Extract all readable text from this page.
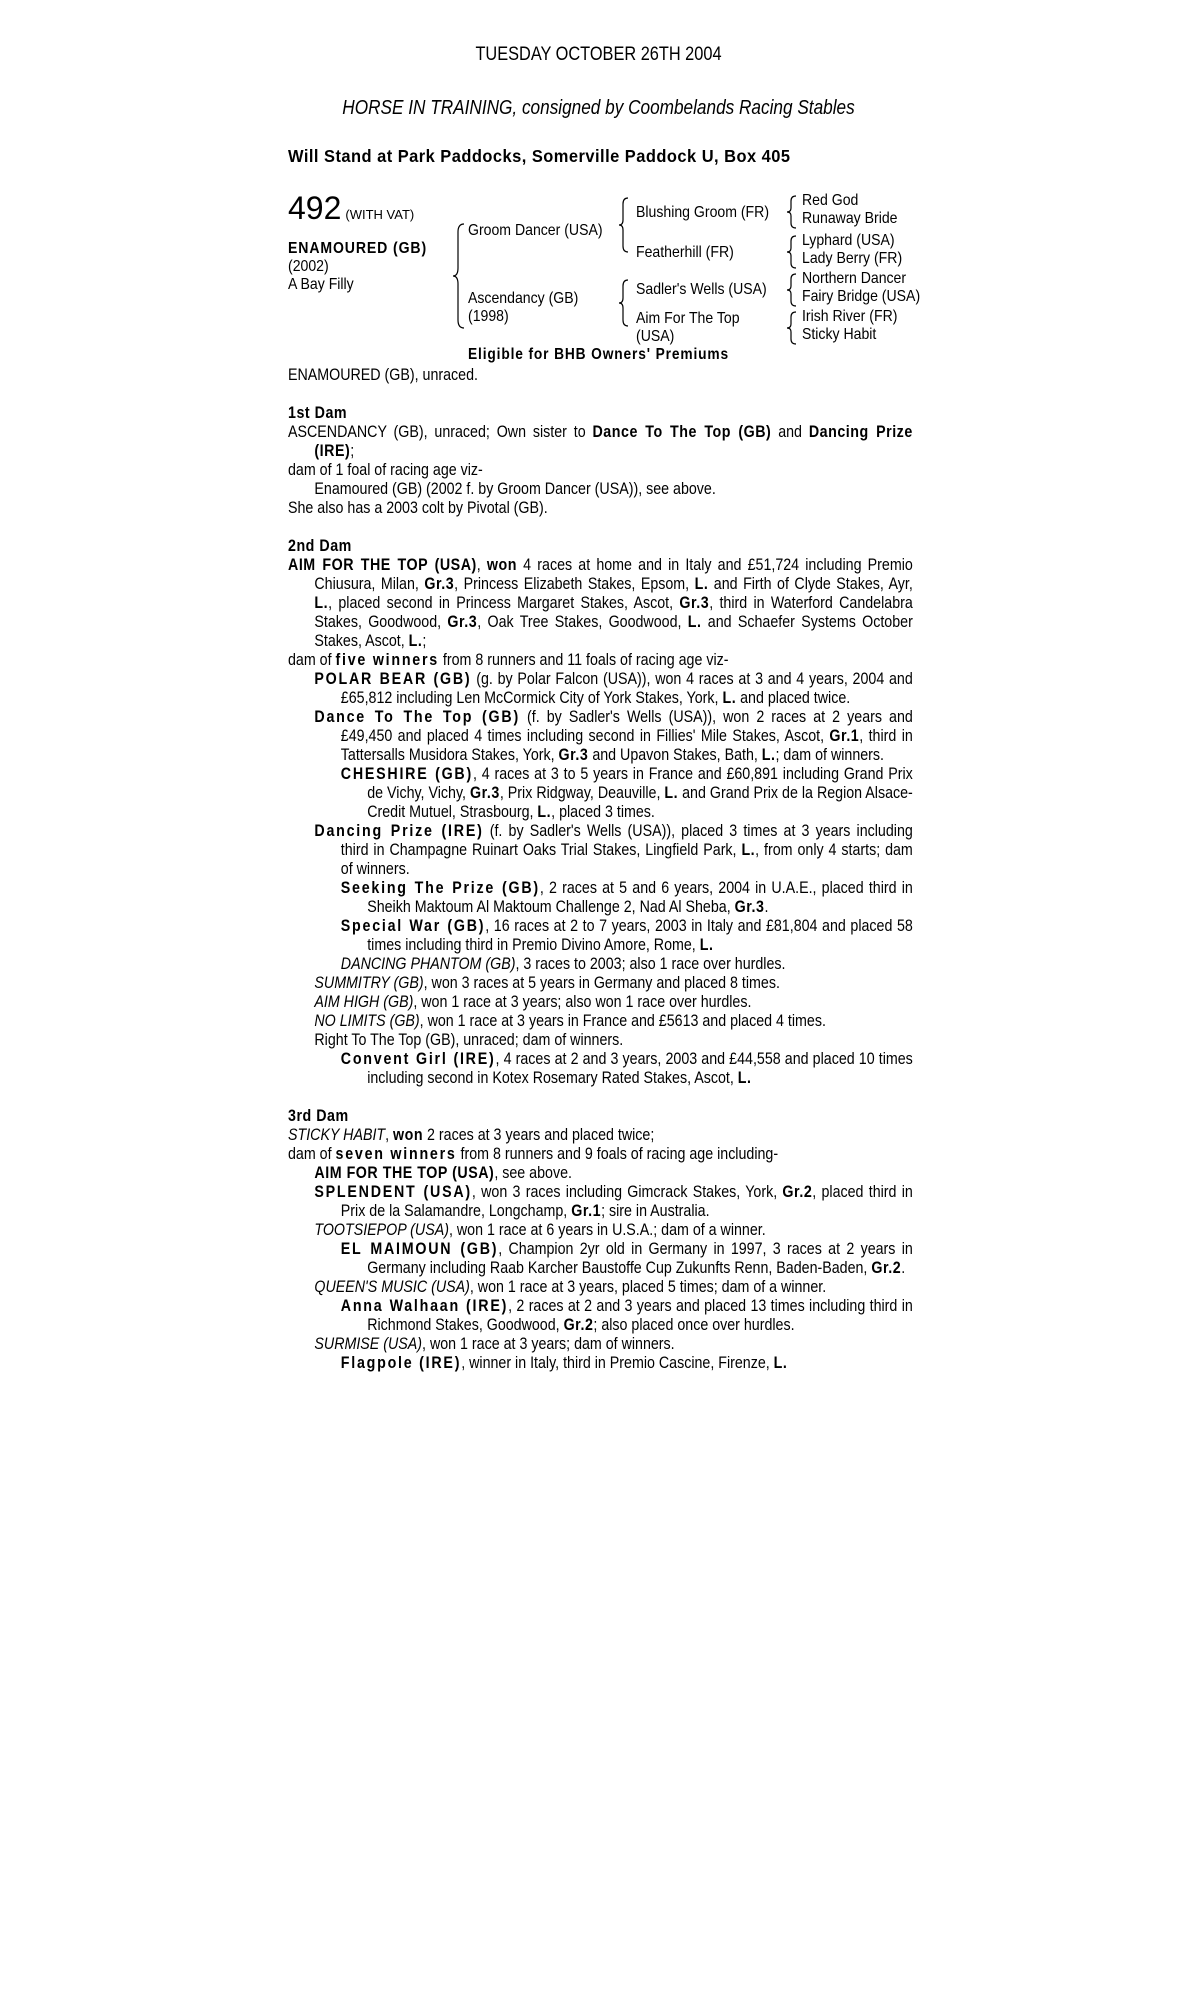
TUESDAY OCTOBER 26TH 2004
HORSE IN TRAINING, consigned by Coombelands Racing Stables
Will Stand at Park Paddocks, Somerville Paddock U, Box 405
492 (WITH VAT)
ENAMOURED (GB)
(2002)
A Bay Filly
Groom Dancer (USA)
Ascendancy (GB)
(1998)
Blushing Groom (FR)
Featherhill (FR)
Sadler's Wells (USA)
Aim For The Top
(USA)
Red God
Runaway Bride
Lyphard (USA)
Lady Berry (FR)
Northern Dancer
Fairy Bridge (USA)
Irish River (FR)
Sticky Habit
Eligible for BHB Owners' Premiums

ENAMOURED (GB), unraced.

1st Dam

ASCENDANCY (GB), unraced; Own sister to Dance To The Top (GB) and Dancing Prize (IRE);

dam of 1 foal of racing age viz-

Enamoured (GB) (2002 f. by Groom Dancer (USA)), see above.

She also has a 2003 colt by Pivotal (GB).

2nd Dam

AIM FOR THE TOP (USA), won 4 races at home and in Italy and £51,724 including Premio Chiusura, Milan, Gr.3, Princess Elizabeth Stakes, Epsom, L. and Firth of Clyde Stakes, Ayr, L., placed second in Princess Margaret Stakes, Ascot, Gr.3, third in Waterford Candelabra Stakes, Goodwood, Gr.3, Oak Tree Stakes, Goodwood, L. and Schaefer Systems October Stakes, Ascot, L.;

dam of five winners from 8 runners and 11 foals of racing age viz-

POLAR BEAR (GB) (g. by Polar Falcon (USA)), won 4 races at 3 and 4 years, 2004 and £65,812 including Len McCormick City of York Stakes, York, L. and placed twice.

Dance To The Top (GB) (f. by Sadler's Wells (USA)), won 2 races at 2 years and £49,450 and placed 4 times including second in Fillies' Mile Stakes, Ascot, Gr.1, third in Tattersalls Musidora Stakes, York, Gr.3 and Upavon Stakes, Bath, L.; dam of winners.

CHESHIRE (GB), 4 races at 3 to 5 years in France and £60,891 including Grand Prix de Vichy, Vichy, Gr.3, Prix Ridgway, Deauville, L. and Grand Prix de la Region Alsace-Credit Mutuel, Strasbourg, L., placed 3 times.

Dancing Prize (IRE) (f. by Sadler's Wells (USA)), placed 3 times at 3 years including third in Champagne Ruinart Oaks Trial Stakes, Lingfield Park, L., from only 4 starts; dam of winners.

Seeking The Prize (GB), 2 races at 5 and 6 years, 2004 in U.A.E., placed third in Sheikh Maktoum Al Maktoum Challenge 2, Nad Al Sheba, Gr.3.

Special War (GB), 16 races at 2 to 7 years, 2003 in Italy and £81,804 and placed 58 times including third in Premio Divino Amore, Rome, L.

DANCING PHANTOM (GB), 3 races to 2003; also 1 race over hurdles.

SUMMITRY (GB), won 3 races at 5 years in Germany and placed 8 times.

AIM HIGH (GB), won 1 race at 3 years; also won 1 race over hurdles.

NO LIMITS (GB), won 1 race at 3 years in France and £5613 and placed 4 times.

Right To The Top (GB), unraced; dam of winners.

Convent Girl (IRE), 4 races at 2 and 3 years, 2003 and £44,558 and placed 10 times including second in Kotex Rosemary Rated Stakes, Ascot, L.

3rd Dam

STICKY HABIT, won 2 races at 3 years and placed twice;

dam of seven winners from 8 runners and 9 foals of racing age including-

AIM FOR THE TOP (USA), see above.

SPLENDENT (USA), won 3 races including Gimcrack Stakes, York, Gr.2, placed third in Prix de la Salamandre, Longchamp, Gr.1; sire in Australia.

TOOTSIEPOP (USA), won 1 race at 6 years in U.S.A.; dam of a winner.

EL MAIMOUN (GB), Champion 2yr old in Germany in 1997, 3 races at 2 years in Germany including Raab Karcher Baustoffe Cup Zukunfts Renn, Baden-Baden, Gr.2.

QUEEN'S MUSIC (USA), won 1 race at 3 years, placed 5 times; dam of a winner.

Anna Walhaan (IRE), 2 races at 2 and 3 years and placed 13 times including third in Richmond Stakes, Goodwood, Gr.2; also placed once over hurdles.

SURMISE (USA), won 1 race at 3 years; dam of winners.

Flagpole (IRE), winner in Italy, third in Premio Cascine, Firenze, L.
